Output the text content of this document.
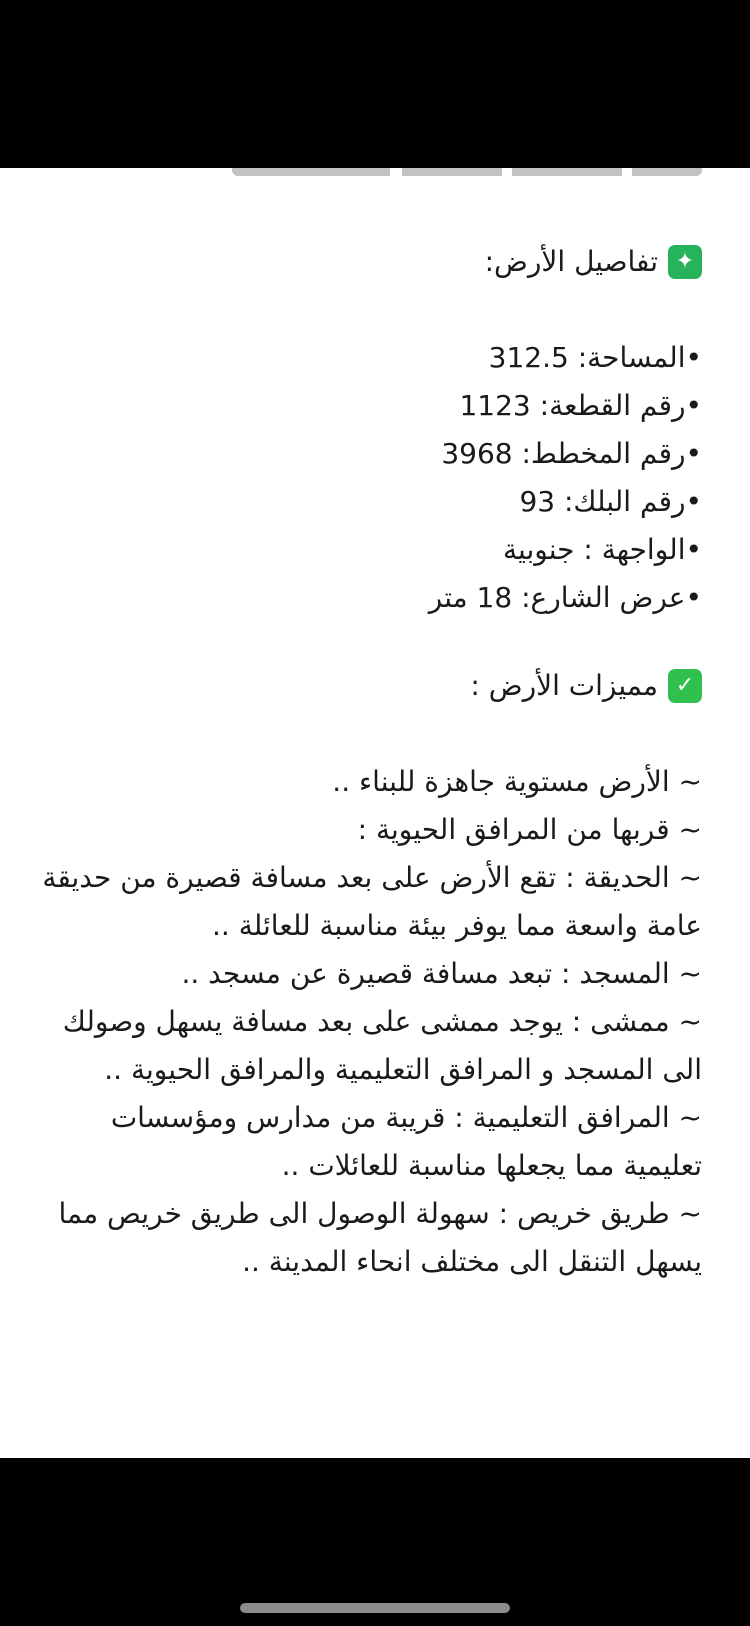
✦
تفاصيل الأرض:
•المساحة: 312.5
•رقم القطعة: 1123
•رقم المخطط: 3968
•رقم البلك: 93
•الواجهة : جنوبية
•عرض الشارع: 18 متر
✓
مميزات الأرض :
~ الأرض مستوية جاهزة للبناء ..
~ قربها من المرافق الحيوية :
~ الحديقة : تقع الأرض على بعد مسافة قصيرة من حديقة عامة واسعة مما يوفر بيئة مناسبة للعائلة ..
~ المسجد : تبعد مسافة قصيرة عن مسجد ..
~ ممشى : يوجد ممشى على بعد مسافة يسهل وصولك الى المسجد و المرافق التعليمية والمرافق الحيوية ..
~ المرافق التعليمية : قريبة من مدارس ومؤسسات تعليمية مما يجعلها مناسبة للعائلات ..
~ طريق خريص : سهولة الوصول الى طريق خريص مما يسهل التنقل الى مختلف انحاء المدينة ..
